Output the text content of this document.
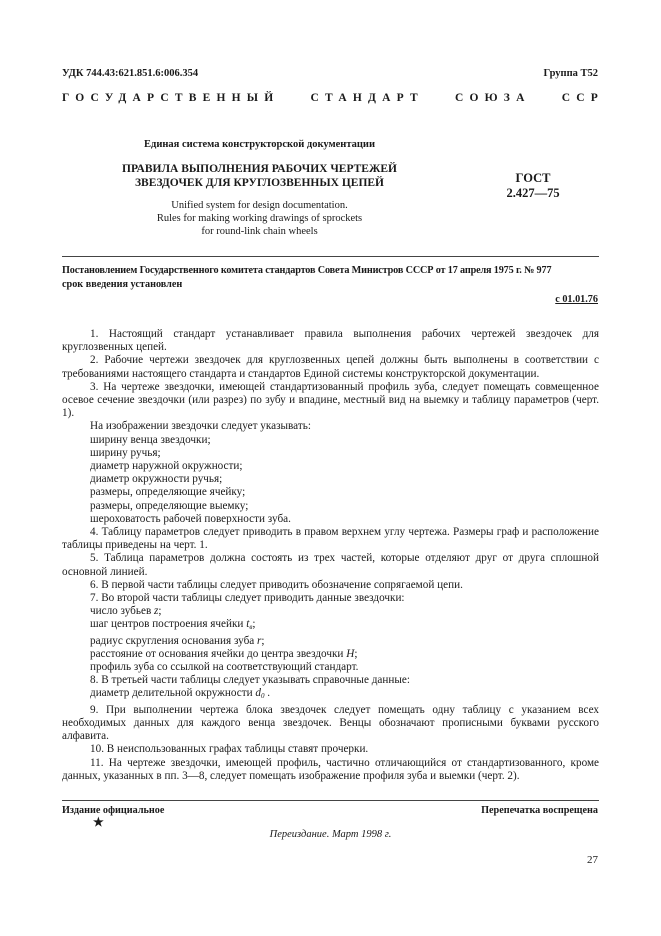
УДК 744.43:621.851.6:006.354	Группа Т52
ГОСУДАРСТВЕННЫЙ	СТАНДАРТ	СОЮЗА	ССР
Единая система конструкторской документации
ПРАВИЛА ВЫПОЛНЕНИЯ РАБОЧИХ ЧЕРТЕЖЕЙ
ЗВЕЗДОЧЕК ДЛЯ КРУГЛОЗВЕННЫХ ЦЕПЕЙ	ГОСТ
2.427—75
Unified system for design documentation.
Rules for making working drawings of sprockets
for round-link chain wheels
Постановлением Государственного комитета стандартов Совета Министров СССР от 17 апреля 1975 г. № 977
срок введения установлен
с 01.01.76

1. Настоящий стандарт устанавливает правила выполнения рабочих чертежей звездочек для круглозвенных цепей.

2. Рабочие чертежи звездочек для круглозвенных цепей должны быть выполнены в соответствии с требованиями настоящего стандарта и стандартов Единой системы конструкторской документации.

3. На чертеже звездочки, имеющей стандартизованный профиль зуба, следует помещать совмещенное осевое сечение звездочки (или разрез) по зубу и впадине, местный вид на выемку и таблицу параметров (черт. 1).

На изображении звездочки следует указывать:

ширину венца звездочки;

ширину ручья;

диаметр наружной окружности;

диаметр окружности ручья;

размеры, определяющие ячейку;

размеры, определяющие выемку;

шероховатость рабочей поверхности зуба.

4. Таблицу параметров следует приводить в правом верхнем углу чертежа. Размеры граф и расположение таблицы приведены на черт. 1.

5. Таблица параметров должна состоять из трех частей, которые отделяют друг от друга сплошной основной линией.

6. В первой части таблицы следует приводить обозначение сопрягаемой цепи.

7. Во второй части таблицы следует приводить данные звездочки:

число зубьев z;

шаг центров построения ячейки $t_в$;

радиус скругления основания зуба r;

расстояние от основания ячейки до центра звездочки H;

профиль зуба со ссылкой на соответствующий стандарт.

8. В третьей части таблицы следует указывать справочные данные:

диаметр делительной окружности $d_0$ .

9. При выполнении чертежа блока звездочек следует помещать одну таблицу с указанием всех необходимых данных для каждого венца звездочек. Венцы обозначают прописными буквами русского алфавита.

10. В неиспользованных графах таблицы ставят прочерки.

11. На чертеже звездочки, имеющей профиль, частично отличающийся от стандартизованного, кроме данных, указанных в пп. 3—8, следует помещать изображение профиля зуба и выемки (черт. 2).

Издание официальное
★
Перепечатка воспрещена
Переиздание. Март 1998 г.
27
